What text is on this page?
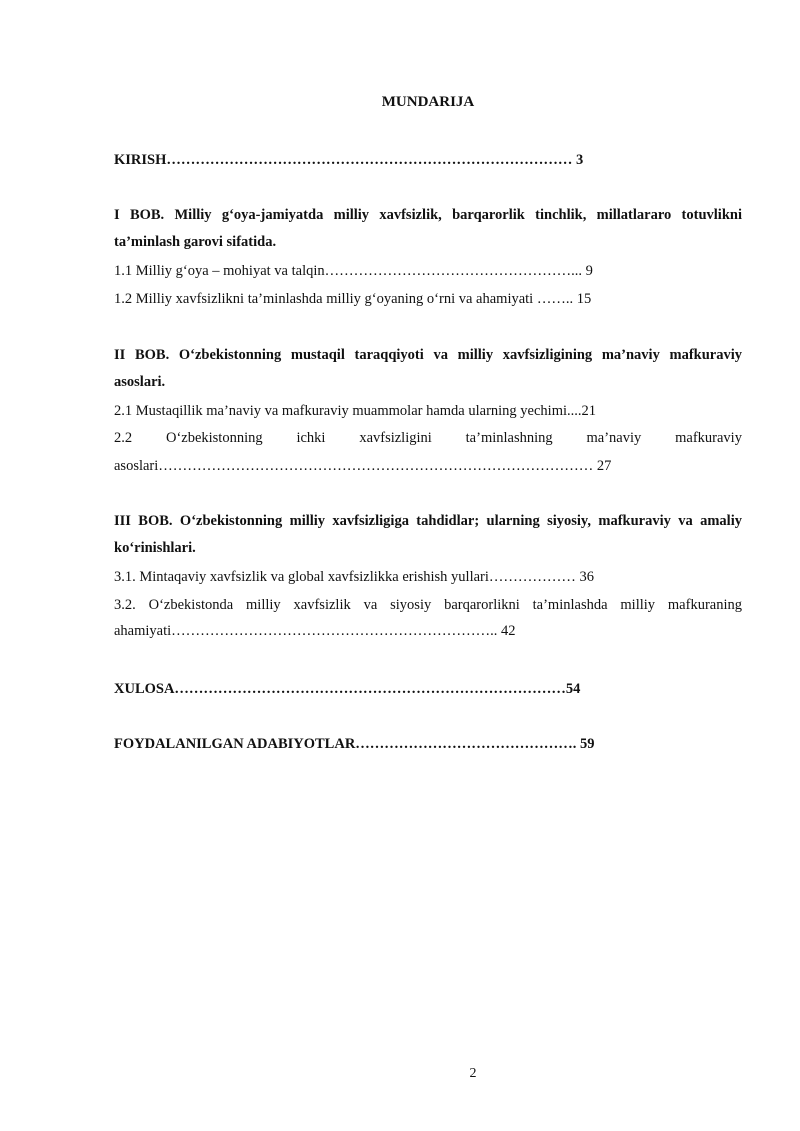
MUNDARIJA
KIRISH………………………………………………………………………… 3
I BOB. Milliy g‘oya-jamiyatda milliy xavfsizlik, barqarorlik tinchlik, millatlararo totuvlikni ta’minlash garovi sifatida.
1.1 Milliy g‘oya – mohiyat va talqin……………………………………………... 9
1.2 Milliy xavfsizlikni ta’minlashda milliy g‘oyaning o‘rni va ahamiyati …….. 15
II BOB. O‘zbekistonning mustaqil taraqqiyoti va milliy xavfsizligining ma’naviy mafkuraviy asoslari.
2.1 Mustaqillik ma’naviy va mafkuraviy muammolar hamda ularning yechimi....21
2.2 O‘zbekistonning ichki xavfsizligini ta’minlashning ma’naviy mafkuraviy
asoslari……………………………………………………………………………… 27
III BOB. O‘zbekistonning milliy xavfsizligiga tahdidlar; ularning siyosiy, mafkuraviy va amaliy ko‘rinishlari.
3.1. Mintaqaviy xavfsizlik va global xavfsizlikka erishish yullari……………… 36
3.2. O‘zbekistonda milliy xavfsizlik va siyosiy barqarorlikni ta’minlashda milliy mafkuraning ahamiyati………………………………………………………….. 42
XULOSA………………………………………………………………………54
FOYDALANILGAN ADABIYOTLAR………………………………………. 59
2
